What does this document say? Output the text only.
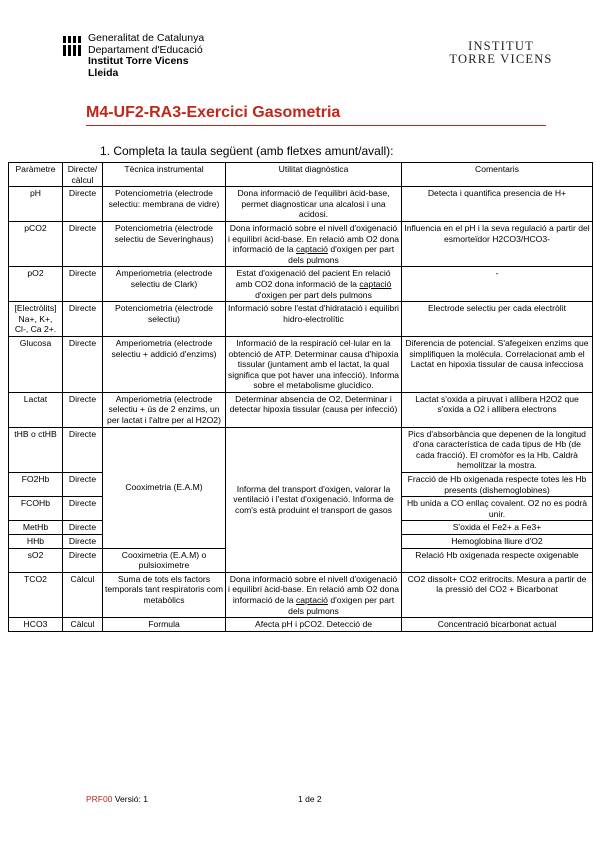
Generalitat de Catalunya
Departament d'Educació
Institut Torre Vicens
Lleida
INSTITUT
TORRE VICENS
M4-UF2-RA3-Exercici Gasometria
1. Completa la taula següent (amb fletxes amunt/avall):
Paràmetre	Directe/ càlcul	Tècnica instrumental	Utilitat diagnòstica	Comentaris
pH	Directe	Potenciometria (electrode selectiu: membrana de vidre)	Dona informació de l'equilibri àcid-base, permet diagnosticar una alcalosi i una acidosi.	Detecta i quantifica presencia de H+
pCO2	Directe	Potenciometria (electrode selectiu de Severinghaus)	Dona informació sobre el nivell d'oxigenació i equilibri àcid-base. En relació amb O2 dona informació de la captació d'oxigen per part dels pulmons	Influencia en el pH i la seva regulació a partir del esmorteïdor H2CO3/HCO3-
pO2	Directe	Amperiometria (electrode selectiu de Clark)	Estat d'oxigenació del pacient En relació amb CO2 dona informació de la captació d'oxigen per part dels pulmons	-
[Electròlits] Na+, K+, Cl-, Ca 2+.	Directe	Potenciometria (electrode selectiu)	Informació sobre l'estat d'hidratació i equilibri hidro-electrolític	Electrode selectiu per cada electròlit
Glucosa	Directe	Amperiometria (electrode selectiu + addició d'enzims)	Informació de la respiració cel·lular en la obtenció de ATP. Determinar causa d'hipoxia tissular (juntament amb el lactat, la qual significa que pot haver una infecció). Informa sobre el metabolisme glucídico.	Diferencia de potencial. S'afegeixen enzims que simplifiquen la molècula. Correlacionat amb el Lactat en hipoxia tissular de causa infecciosa
Lactat	Directe	Amperiometria (electrode selectiu + ús de 2 enzims, un per lactat i l'altre per al H2O2)	Determinar absencia de O2. Determinar i detectar hipoxia tissular (causa per infecció)	Lactat s'oxida a piruvat i allibera H2O2 que s'oxida a O2 i allibera electrons
tHB o ctHB	Directe	Cooximetria (E.A.M)	Informa del transport d'oxigen, valorar la ventilació i l'estat d'oxigenació. Informa de com's està produint el transport de gasos	Pics d'absorbància que depenen de la longitud d'ona característica de cada tipus de Hb (de cada fracció). El cromòfor es la Hb. Caldrà hemolitzar la mostra.
FO2Hb	Directe			Fracció de Hb oxigenada respecte totes les Hb presents (dishemoglobines)
FCOHb	Directe			Hb unida a CO enllaç covalent. O2 no es podrà unir.
MetHb	Directe			S'oxida el Fe2+ a Fe3+
HHb	Directe			Hemoglobina lliure d'O2
sO2	Directe	Cooximetria (E.A.M) o pulsioximetre		Relació Hb oxigenada respecte oxigenable
TCO2	Càlcul	Suma de tots els factors temporals tant respiratoris com metabòlics	Dona informació sobre el nivell d'oxigenació i equilibri àcid-base. En relació amb O2 dona informació de la captació d'oxigen per part dels pulmons	CO2 dissolt+ CO2 eritrocits. Mesura a partir de la pressió del CO2 + Bicarbonat
HCO3	Càlcul	Formula	Afecta pH i pCO2. Detecció de	Concentració bicarbonat actual
PRF00 Versió: 1	1 de 2
